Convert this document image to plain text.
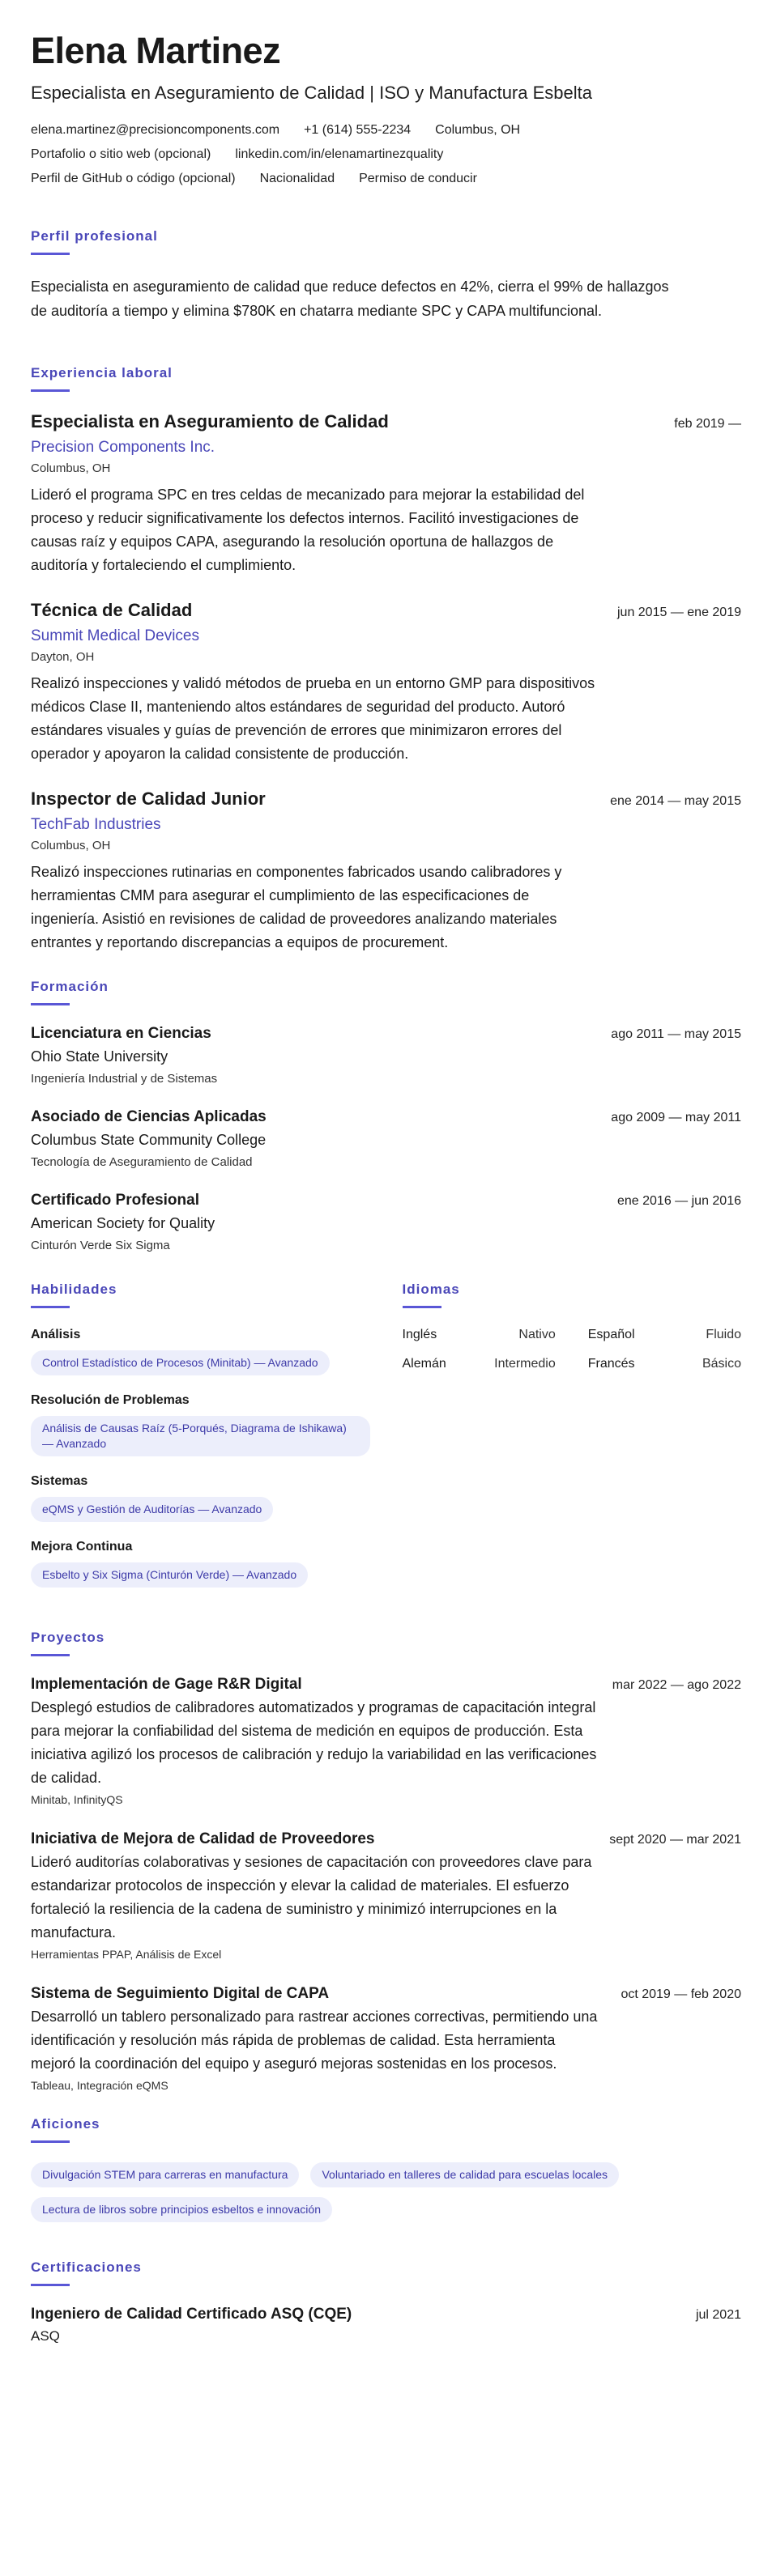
Elena Martinez
Especialista en Aseguramiento de Calidad | ISO y Manufactura Esbelta
elena.martinez@precisioncomponents.com +1 (614) 555-2234 Columbus, OH
Portafolio o sitio web (opcional) linkedin.com/in/elenamartinezquality
Perfil de GitHub o código (opcional) Nacionalidad Permiso de conducir
Perfil profesional

Especialista en aseguramiento de calidad que reduce defectos en 42%, cierra el 99% de hallazgos de auditoría a tiempo y elimina $780K en chatarra mediante SPC y CAPA multifuncional.

Experiencia laboral
Especialista en Aseguramiento de Calidad	feb 2019 —
Precision Components Inc.
Columbus, OH

Lideró el programa SPC en tres celdas de mecanizado para mejorar la estabilidad del proceso y reducir significativamente los defectos internos. Facilitó investigaciones de causas raíz y equipos CAPA, asegurando la resolución oportuna de hallazgos de auditoría y fortaleciendo el cumplimiento.

Técnica de Calidad	jun 2015 — ene 2019
Summit Medical Devices
Dayton, OH

Realizó inspecciones y validó métodos de prueba en un entorno GMP para dispositivos médicos Clase II, manteniendo altos estándares de seguridad del producto. Autoró estándares visuales y guías de prevención de errores que minimizaron errores del operador y apoyaron la calidad consistente de producción.

Inspector de Calidad Junior	ene 2014 — may 2015
TechFab Industries
Columbus, OH

Realizó inspecciones rutinarias en componentes fabricados usando calibradores y herramientas CMM para asegurar el cumplimiento de las especificaciones de ingeniería. Asistió en revisiones de calidad de proveedores analizando materiales entrantes y reportando discrepancias a equipos de procurement.

Formación
Licenciatura en Ciencias	ago 2011 — may 2015
Ohio State University
Ingeniería Industrial y de Sistemas
Asociado de Ciencias Aplicadas	ago 2009 — may 2011
Columbus State Community College
Tecnología de Aseguramiento de Calidad
Certificado Profesional	ene 2016 — jun 2016
American Society for Quality
Cinturón Verde Six Sigma
Habilidades
Análisis
Control Estadístico de Procesos (Minitab) — Avanzado
Resolución de Problemas
Análisis de Causas Raíz (5-Porqués, Diagrama de Ishikawa) — Avanzado
Sistemas
eQMS y Gestión de Auditorías — Avanzado
Mejora Continua
Esbelto y Six Sigma (Cinturón Verde) — Avanzado
Idiomas
Inglés	Nativo	Español	Fluido
Alemán	Intermedio	Francés	Básico
Proyectos
Implementación de Gage R&R Digital	mar 2022 — ago 2022

Desplegó estudios de calibradores automatizados y programas de capacitación integral para mejorar la confiabilidad del sistema de medición en equipos de producción. Esta iniciativa agilizó los procesos de calibración y redujo la variabilidad en las verificaciones de calidad.

Minitab, InfinityQS
Iniciativa de Mejora de Calidad de Proveedores	sept 2020 — mar 2021

Lideró auditorías colaborativas y sesiones de capacitación con proveedores clave para estandarizar protocolos de inspección y elevar la calidad de materiales. El esfuerzo fortaleció la resiliencia de la cadena de suministro y minimizó interrupciones en la manufactura.

Herramientas PPAP, Análisis de Excel
Sistema de Seguimiento Digital de CAPA	oct 2019 — feb 2020

Desarrolló un tablero personalizado para rastrear acciones correctivas, permitiendo una identificación y resolución más rápida de problemas de calidad. Esta herramienta mejoró la coordinación del equipo y aseguró mejoras sostenidas en los procesos.

Tableau, Integración eQMS
Aficiones
Divulgación STEM para carreras en manufactura	Voluntariado en talleres de calidad para escuelas locales
Lectura de libros sobre principios esbeltos e innovación
Certificaciones
Ingeniero de Calidad Certificado ASQ (CQE)	jul 2021
ASQ
